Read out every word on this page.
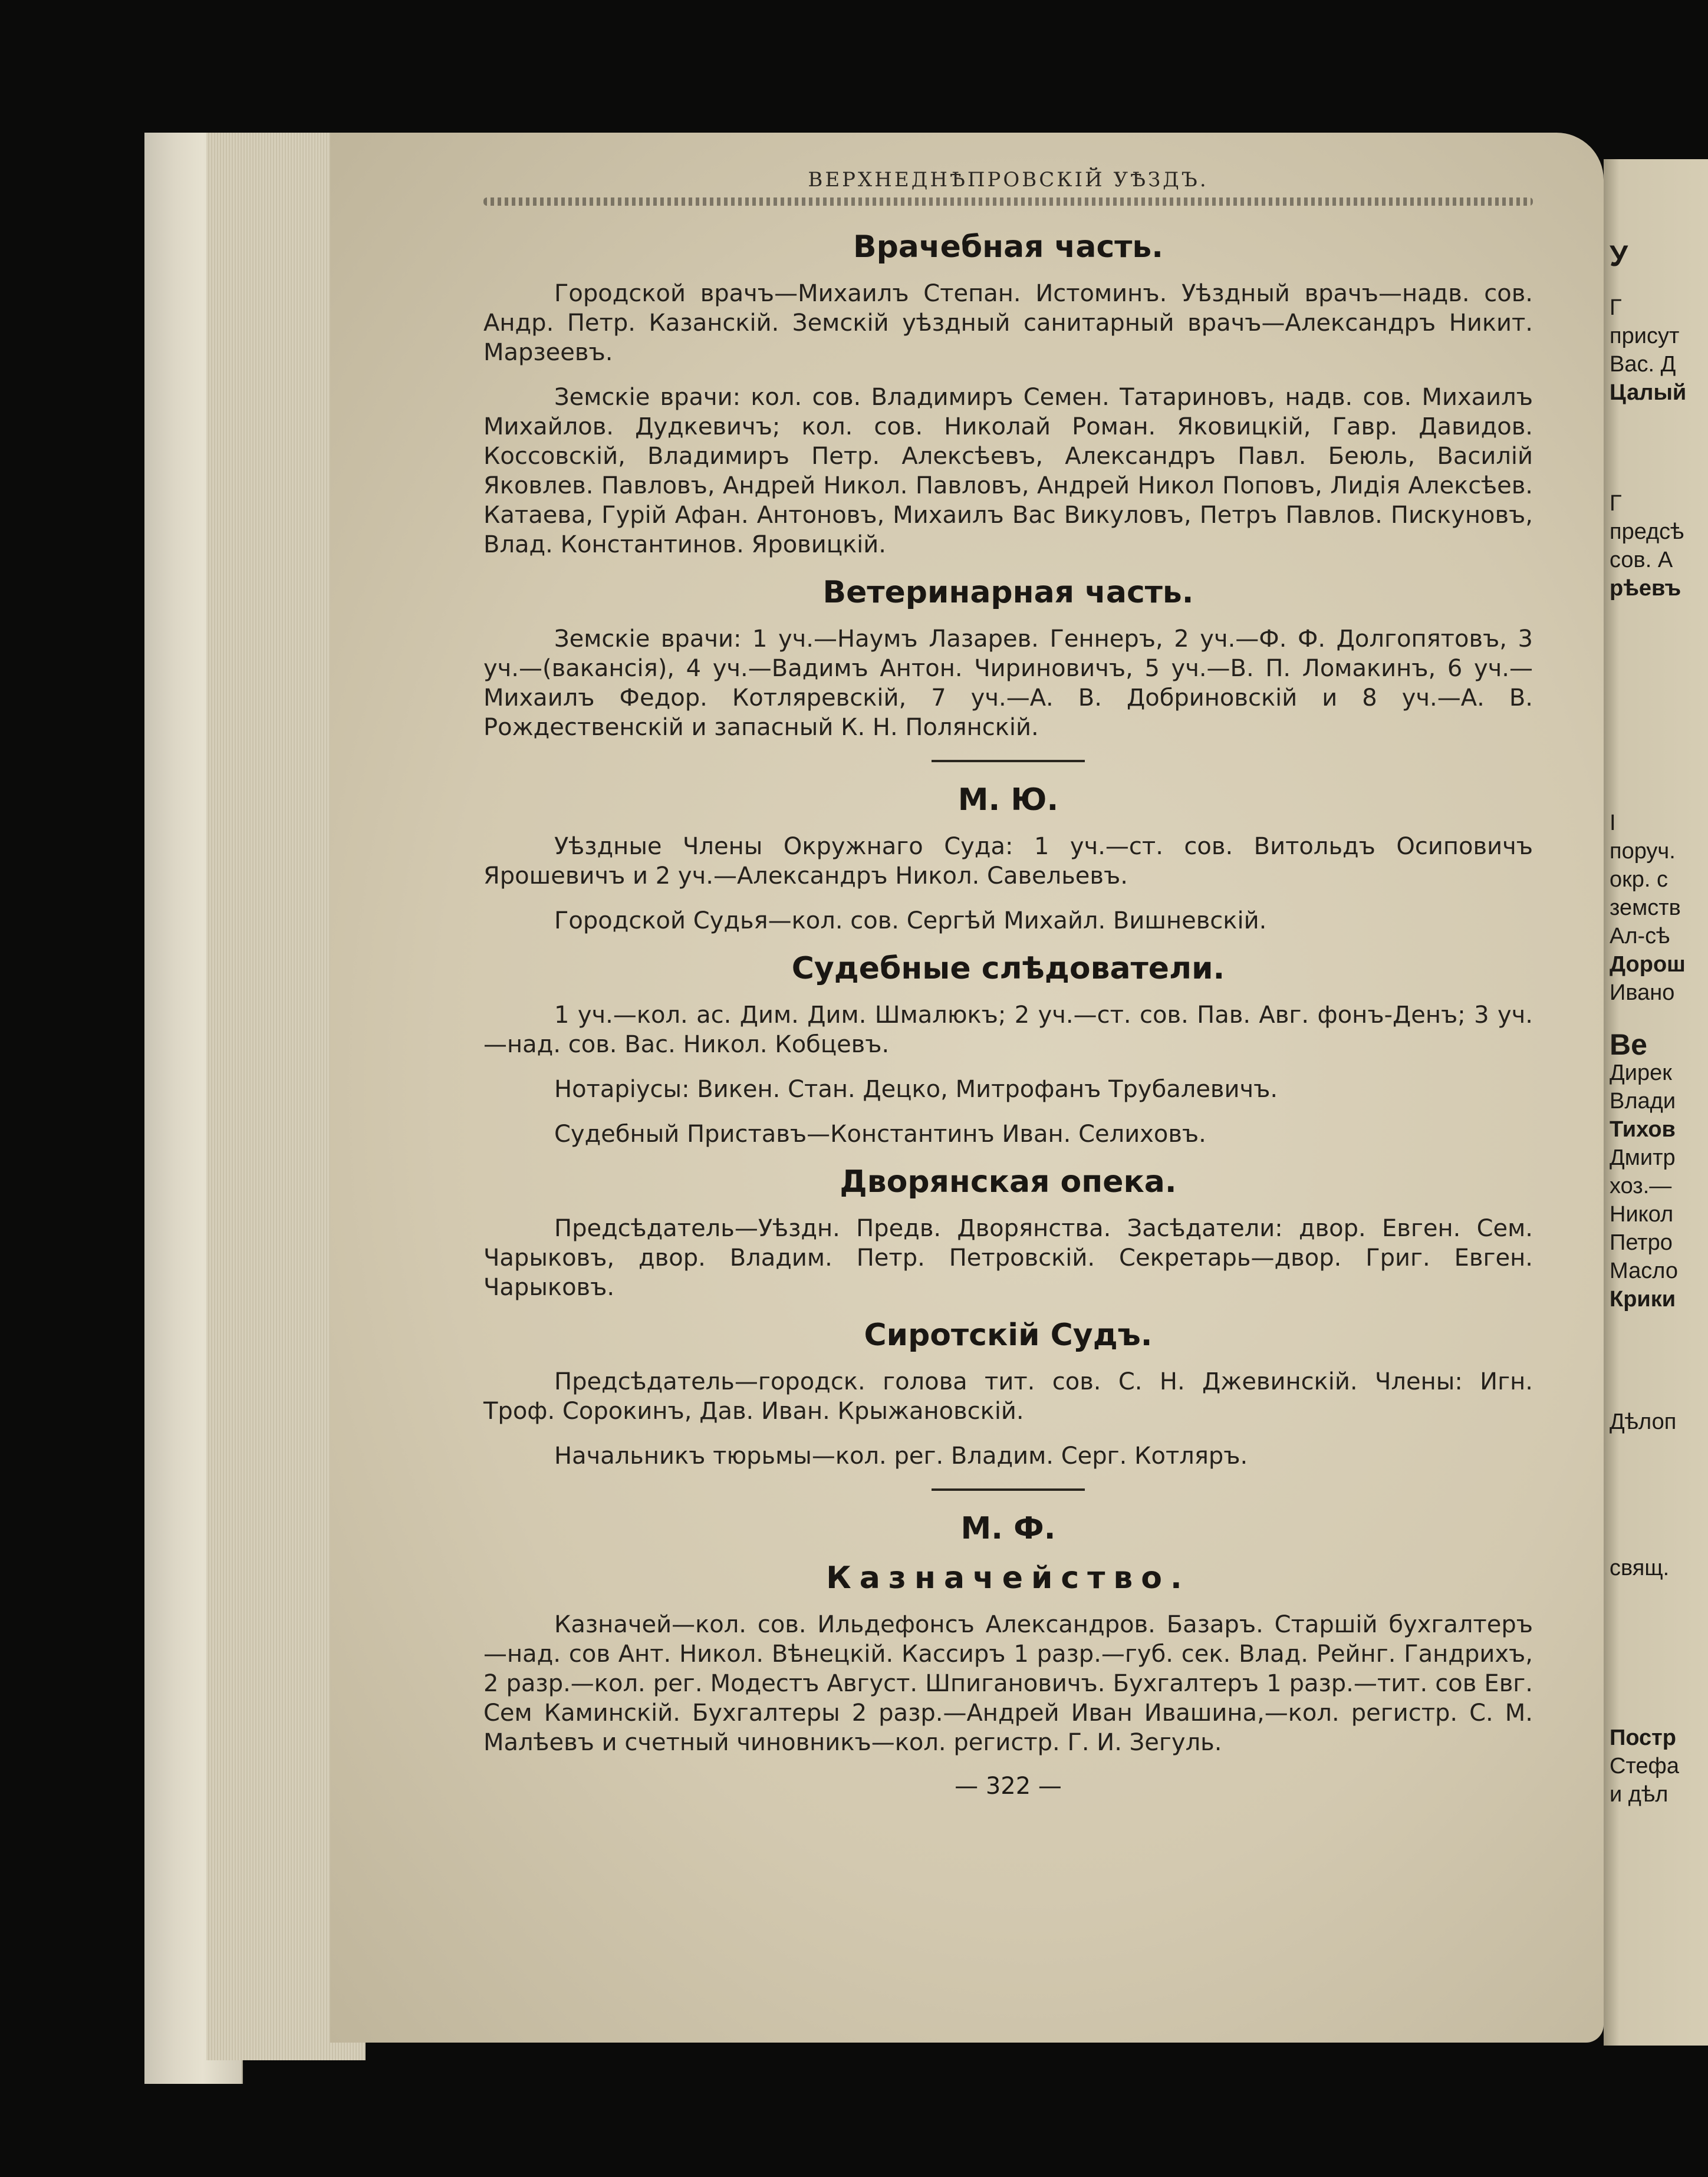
ВЕРХНЕДНѢПРОВСКІЙ УѢЗДЪ.
Врачебная часть.

Городской врачъ—Михаилъ Степан. Истоминъ. Уѣздный врачъ—надв. сов. Андр. Петр. Казанскій. Земскій уѣздный санитарный врачъ—Александръ Никит. Марзеевъ.

Земскіе врачи: кол. сов. Владимиръ Семен. Татариновъ, надв. сов. Михаилъ Михайлов. Дудкевичъ; кол. сов. Николай Роман. Яковицкій, Гавр. Давидов. Коссовскій, Владимиръ Петр. Алексѣевъ, Александръ Павл. Беюль, Василій Яковлев. Павловъ, Андрей Никол. Павловъ, Андрей Никол Поповъ, Лидія Алексѣев. Катаева, Гурій Афан. Антоновъ, Михаилъ Вас Викуловъ, Петръ Павлов. Пискуновъ, Влад. Константинов. Яровицкій.

Ветеринарная часть.

Земскіе врачи: 1 уч.—Наумъ Лазарев. Геннеръ, 2 уч.—Ф. Ф. Долгопятовъ, 3 уч.—(вакансія), 4 уч.—Вадимъ Антон. Чириновичъ, 5 уч.—В. П. Ломакинъ, 6 уч.—Михаилъ Федор. Котляревскій, 7 уч.—А. В. Добриновскій и 8 уч.—А. В. Рождественскій и запасный К. Н. Полянскій.

М. Ю.

Уѣздные Члены Окружнаго Суда: 1 уч.—ст. сов. Витольдъ Осиповичъ Ярошевичъ и 2 уч.—Александръ Никол. Савельевъ.

Городской Судья—кол. сов. Сергѣй Михайл. Вишневскій.

Судебные слѣдователи.

1 уч.—кол. ас. Дим. Дим. Шмалюкъ; 2 уч.—ст. сов. Пав. Авг. фонъ-Денъ; 3 уч.—над. сов. Вас. Никол. Кобцевъ.

Нотаріусы: Викен. Стан. Децко, Митрофанъ Трубалевичъ.

Судебный Приставъ—Константинъ Иван. Селиховъ.

Дворянская опека.

Предсѣдатель—Уѣздн. Предв. Дворянства. Засѣдатели: двор. Евген. Сем. Чарыковъ, двор. Владим. Петр. Петровскій. Секретарь—двор. Григ. Евген. Чарыковъ.

Сиротскій Судъ.

Предсѣдатель—городск. голова тит. сов. С. Н. Джевинскій. Члены: Игн. Троф. Сорокинъ, Дав. Иван. Крыжановскій.

Начальникъ тюрьмы—кол. рег. Владим. Серг. Котляръ.

М. Ф.
Казначейство.

Казначей—кол. сов. Ильдефонсъ Александров. Базаръ. Старшій бухгалтеръ—над. сов Ант. Никол. Вѣнецкій. Кассиръ 1 разр.—губ. сек. Влад. Рейнг. Гандрихъ, 2 разр.—кол. рег. Модестъ Август. Шпигановичъ. Бухгалтеръ 1 разр.—тит. сов Евг. Сем Каминскій. Бухгалтеры 2 разр.—Андрей Иван Ивашина,—кол. регистр. С. М. Малѣевъ и счетный чиновникъ—кол. регистр. Г. И. Зегуль.

— 322 —
У
Г
присут
Вас. Д
Цалый
Г
предсѣ
сов. А
рѣевъ
І
поруч.
окр. с
земств
Ал-сѣ
Дорош
Ивано
Ве
Дирек
Влади
Тихов
Дмитр
хоз.—
Никол
Петро
Масло
Крики
Дѣлоп
свящ.
Постр
Стефа
и дѣл
